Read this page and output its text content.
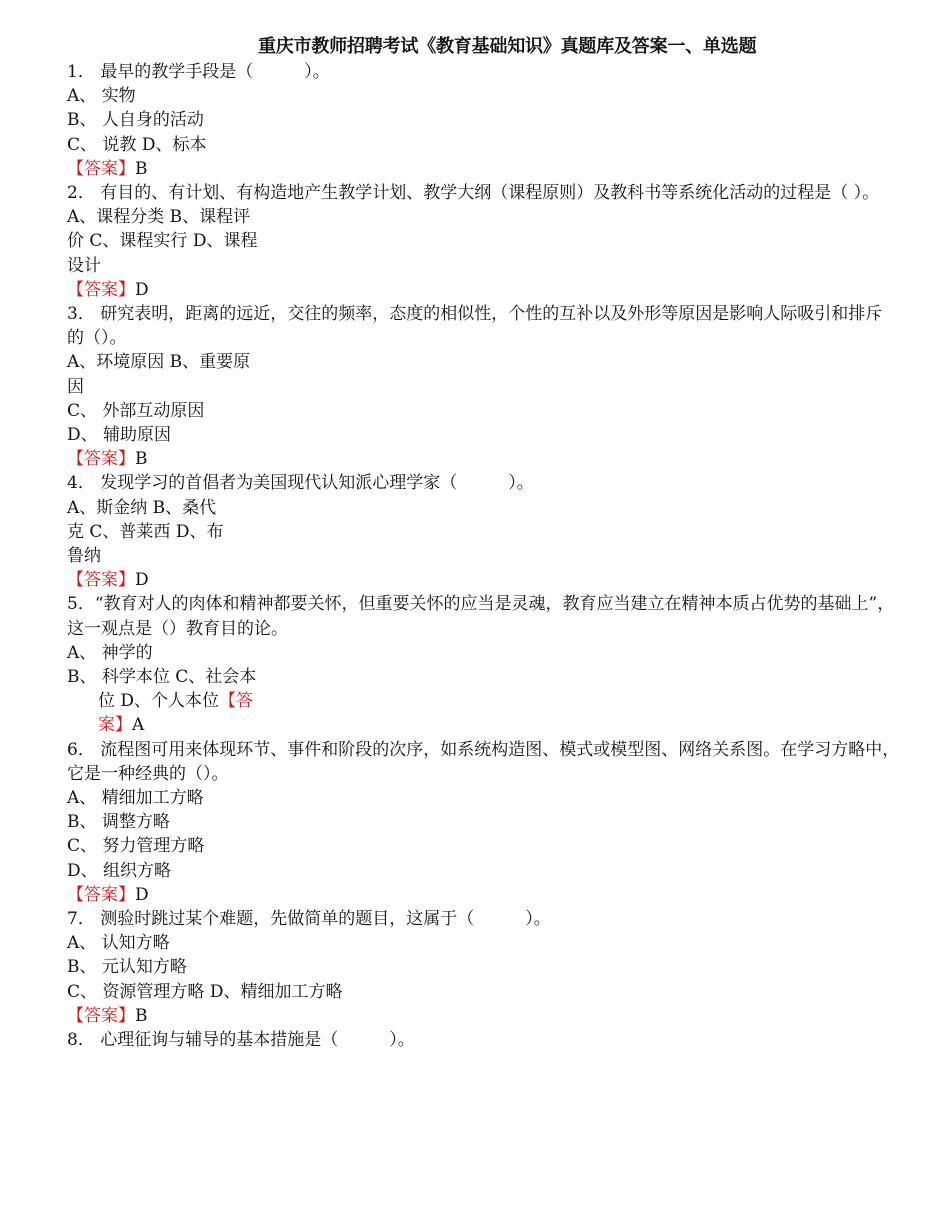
重庆市教师招聘考试《教育基础知识》真题库及答案一、单选题
1． 最早的教学手段是（　　　）。
A、 实物
B、 人自身的活动
C、 说教 D、标本
【答案】B
2． 有目的、有计划、有构造地产生教学计划、教学大纲（课程原则）及教科书等系统化活动的过程是（ ）。
A、课程分类 B、课程评
价 C、课程实行 D、课程
设计
【答案】D
3． 研究表明，距离的远近，交往的频率，态度的相似性，个性的互补以及外形等原因是影响人际吸引和排斥
的（）。
A、环境原因 B、重要原
因
C、 外部互动原因
D、 辅助原因
【答案】B
4． 发现学习的首倡者为美国现代认知派心理学家（　　　）。
A、斯金纳 B、桑代
克 C、普莱西 D、布
鲁纳
【答案】D
5．“教育对人的肉体和精神都要关怀，但重要关怀的应当是灵魂，教育应当建立在精神本质占优势的基础上”，
这一观点是（）教育目的论。
A、 神学的
B、 科学本位 C、社会本
位 D、个人本位【答
案】A
6． 流程图可用来体现环节、事件和阶段的次序，如系统构造图、模式或模型图、网络关系图。在学习方略中，
它是一种经典的（）。
A、 精细加工方略
B、 调整方略
C、 努力管理方略
D、 组织方略
【答案】D
7． 测验时跳过某个难题，先做简单的题目，这属于（　　　）。
A、 认知方略
B、 元认知方略
C、 资源管理方略 D、精细加工方略
【答案】B
8． 心理征询与辅导的基本措施是（　　　）。
